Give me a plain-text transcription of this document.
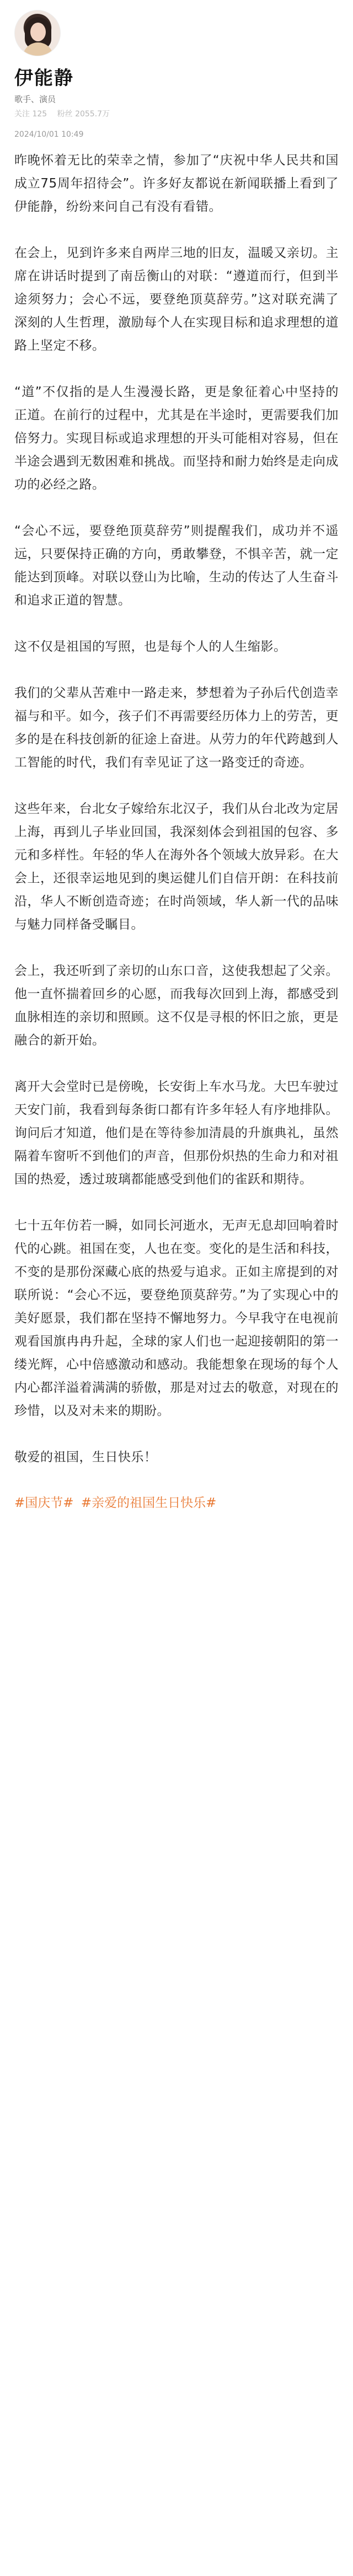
伊能静
歌手、演员
关注 125 粉丝 2055.7万
2024/10/01 10:49

昨晚怀着无比的荣幸之情，参加了“庆祝中华人民共和国成立75周年招待会”。许多好友都说在新闻联播上看到了伊能静，纷纷来问自己有没有看错。

在会上，见到许多来自两岸三地的旧友，温暖又亲切。主席在讲话时提到了南岳衡山的对联：“遵道而行，但到半途须努力；会心不远，要登绝顶莫辞劳。”这对联充满了深刻的人生哲理，激励每个人在实现目标和追求理想的道路上坚定不移。

“道”不仅指的是人生漫漫长路，更是象征着心中坚持的正道。在前行的过程中，尤其是在半途时，更需要我们加倍努力。实现目标或追求理想的开头可能相对容易，但在半途会遇到无数困难和挑战。而坚持和耐力始终是走向成功的必经之路。

“会心不远，要登绝顶莫辞劳”则提醒我们，成功并不遥远，只要保持正确的方向，勇敢攀登，不惧辛苦，就一定能达到顶峰。对联以登山为比喻，生动的传达了人生奋斗和追求正道的智慧。

这不仅是祖国的写照，也是每个人的人生缩影。

我们的父辈从苦难中一路走来，梦想着为子孙后代创造幸福与和平。如今，孩子们不再需要经历体力上的劳苦，更多的是在科技创新的征途上奋进。从劳力的年代跨越到人工智能的时代，我们有幸见证了这一路变迁的奇迹。

这些年来，台北女子嫁给东北汉子，我们从台北改为定居上海，再到儿子毕业回国，我深刻体会到祖国的包容、多元和多样性。年轻的华人在海外各个领域大放异彩。在大会上，还很幸运地见到的奥运健儿们自信开朗：在科技前沿，华人不断创造奇迹；在时尚领域，华人新一代的品味与魅力同样备受瞩目。

会上，我还听到了亲切的山东口音，这使我想起了父亲。他一直怀揣着回乡的心愿，而我每次回到上海，都感受到血脉相连的亲切和照顾。这不仅是寻根的怀旧之旅，更是融合的新开始。

离开大会堂时已是傍晚，长安街上车水马龙。大巴车驶过天安门前，我看到每条街口都有许多年轻人有序地排队。询问后才知道，他们是在等待参加清晨的升旗典礼，虽然隔着车窗听不到他们的声音，但那份炽热的生命力和对祖国的热爱，透过玻璃都能感受到他们的雀跃和期待。

七十五年仿若一瞬，如同长河逝水，无声无息却回响着时代的心跳。祖国在变，人也在变。变化的是生活和科技，不变的是那份深藏心底的热爱与追求。正如主席提到的对联所说：“会心不远，要登绝顶莫辞劳。”为了实现心中的美好愿景，我们都在坚持不懈地努力。今早我守在电视前观看国旗冉冉升起，全球的家人们也一起迎接朝阳的第一缕光辉，心中倍感激动和感动。我能想象在现场的每个人内心都洋溢着满满的骄傲，那是对过去的敬意，对现在的珍惜，以及对未来的期盼。

敬爱的祖国，生日快乐！

#国庆节# #亲爱的祖国生日快乐#
